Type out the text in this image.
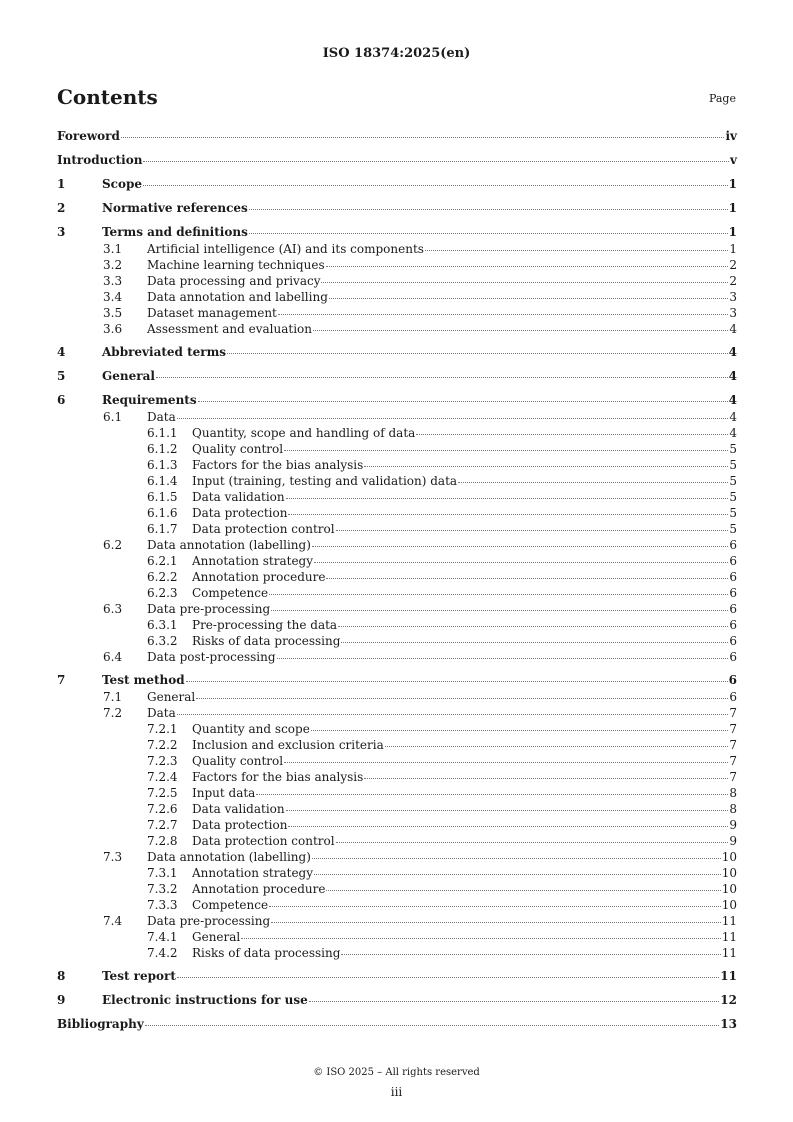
ISO 18374:2025(en)
Contents	Page
Foreword	iv
Introduction	v
1	Scope	1
2	Normative references	1
3	Terms and definitions	1
3.1	Artificial intelligence (AI) and its components	1
3.2	Machine learning techniques	2
3.3	Data processing and privacy	2
3.4	Data annotation and labelling	3
3.5	Dataset management	3
3.6	Assessment and evaluation	4
4	Abbreviated terms	4
5	General	4
6	Requirements	4
6.1	Data	4
6.1.1	Quantity, scope and handling of data	4
6.1.2	Quality control	5
6.1.3	Factors for the bias analysis	5
6.1.4	Input (training, testing and validation) data	5
6.1.5	Data validation	5
6.1.6	Data protection	5
6.1.7	Data protection control	5
6.2	Data annotation (labelling)	6
6.2.1	Annotation strategy	6
6.2.2	Annotation procedure	6
6.2.3	Competence	6
6.3	Data pre-processing	6
6.3.1	Pre-processing the data	6
6.3.2	Risks of data processing	6
6.4	Data post-processing	6
7	Test method	6
7.1	General	6
7.2	Data	7
7.2.1	Quantity and scope	7
7.2.2	Inclusion and exclusion criteria	7
7.2.3	Quality control	7
7.2.4	Factors for the bias analysis	7
7.2.5	Input data	8
7.2.6	Data validation	8
7.2.7	Data protection	9
7.2.8	Data protection control	9
7.3	Data annotation (labelling)	10
7.3.1	Annotation strategy	10
7.3.2	Annotation procedure	10
7.3.3	Competence	10
7.4	Data pre-processing	11
7.4.1	General	11
7.4.2	Risks of data processing	11
8	Test report	11
9	Electronic instructions for use	12
Bibliography	13
© ISO 2025 – All rights reserved
iii
